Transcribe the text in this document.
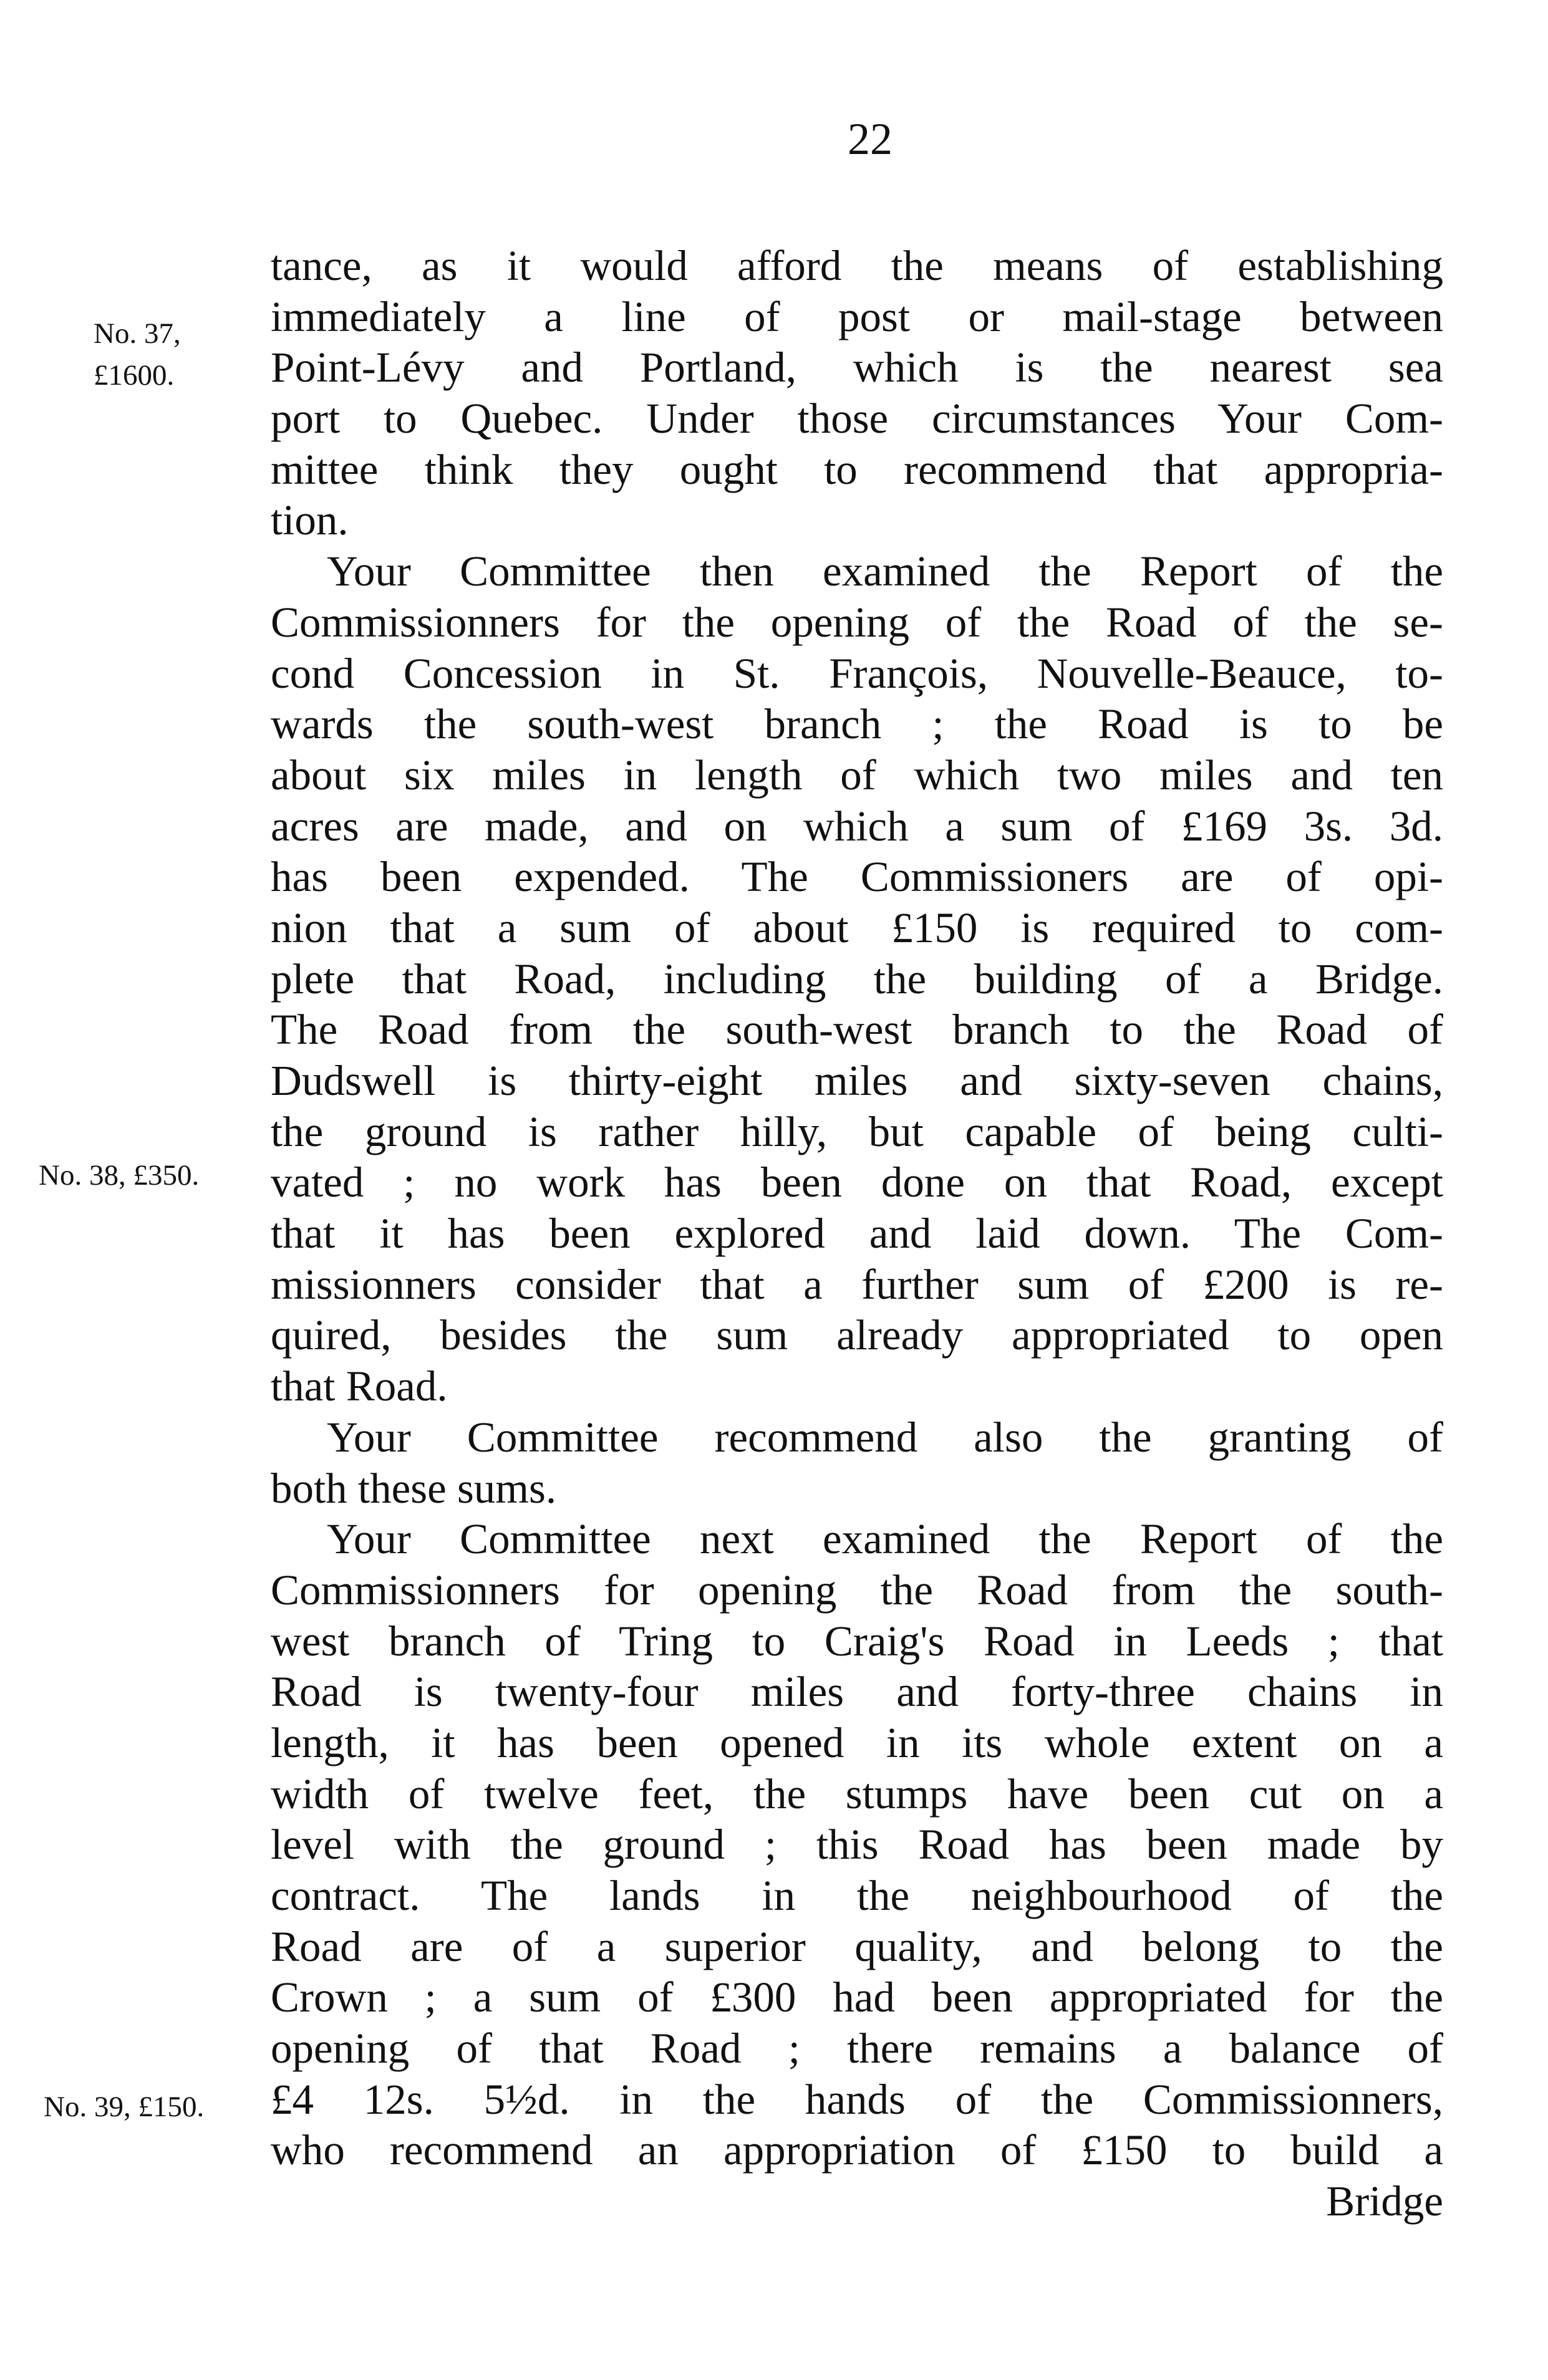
22
No. 37,
£1600.
No. 38, £350.
No. 39, £150.
tance, as it would afford the means of establishing
immediately a line of post or mail-stage between
Point-Lévy and Portland, which is the nearest sea
port to Quebec. Under those circumstances Your Com-
mittee think they ought to recommend that appropria-
tion.
Your Committee then examined the Report of the
Commissionners for the opening of the Road of the se-
cond Concession in St. François, Nouvelle-Beauce, to-
wards the south-west branch ; the Road is to be
about six miles in length of which two miles and ten
acres are made, and on which a sum of £169 3s. 3d.
has been expended. The Commissioners are of opi-
nion that a sum of about £150 is required to com-
plete that Road, including the building of a Bridge.
The Road from the south-west branch to the Road of
Dudswell is thirty-eight miles and sixty-seven chains,
the ground is rather hilly, but capable of being culti-
vated ; no work has been done on that Road, except
that it has been explored and laid down. The Com-
missionners consider that a further sum of £200 is re-
quired, besides the sum already appropriated to open
that Road.
Your Committee recommend also the granting of
both these sums.
Your Committee next examined the Report of the
Commissionners for opening the Road from the south-
west branch of Tring to Craig's Road in Leeds ; that
Road is twenty-four miles and forty-three chains in
length, it has been opened in its whole extent on a
width of twelve feet, the stumps have been cut on a
level with the ground ; this Road has been made by
contract. The lands in the neighbourhood of the
Road are of a superior quality, and belong to the
Crown ; a sum of £300 had been appropriated for the
opening of that Road ; there remains a balance of
£4 12s. 5½d. in the hands of the Commissionners,
who recommend an appropriation of £150 to build a
Bridge
